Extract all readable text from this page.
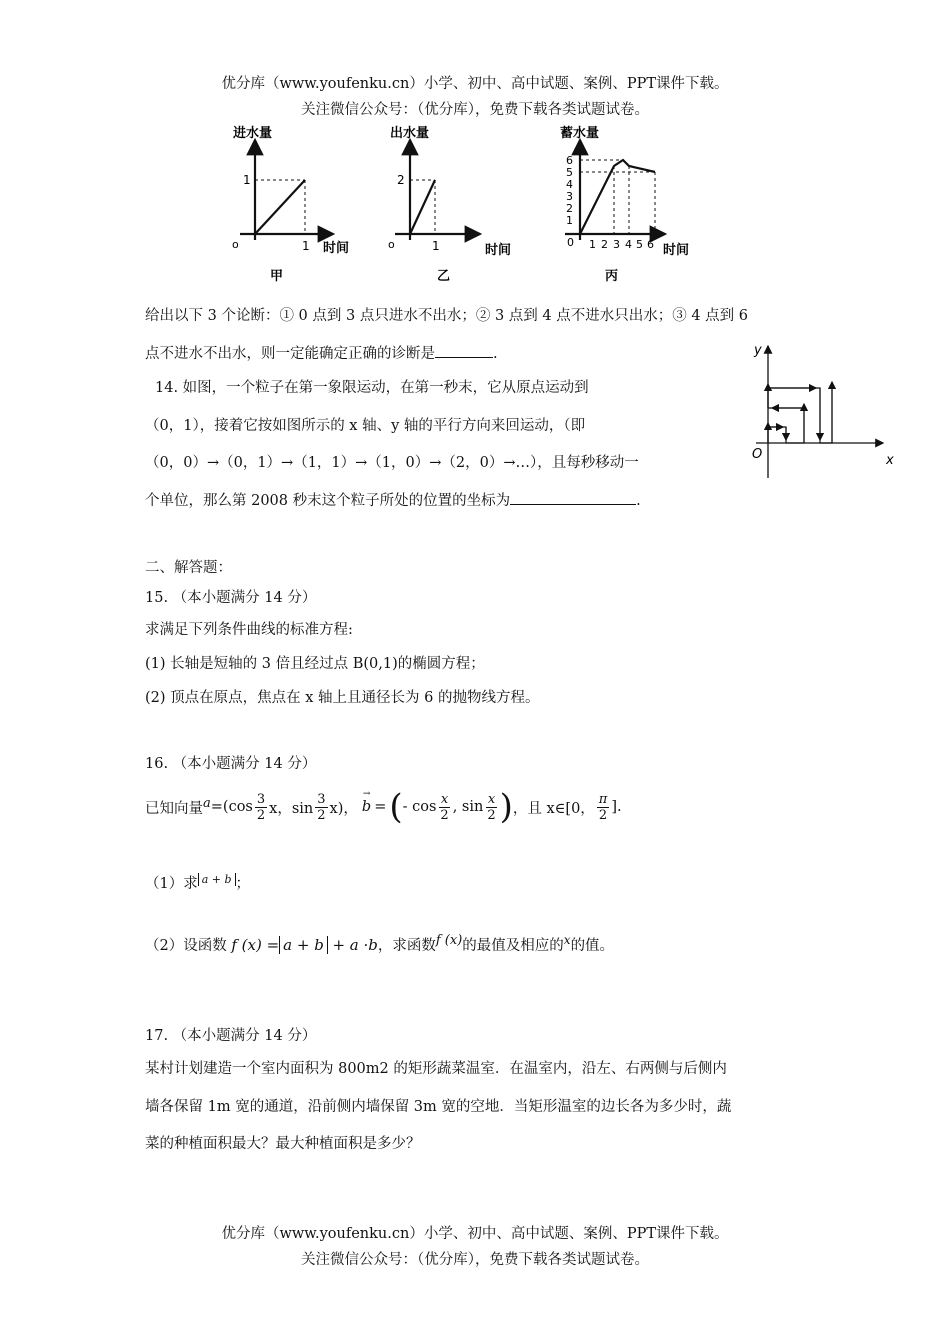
优分库（www.youfenku.cn）小学、初中、高中试题、案例、PPT课件下载。
关注微信公众号：（优分库），免费下载各类试题试卷。
进水量
1
o	1 时间
甲
出水量
2
o	1	时间
乙
蓄水量
6
5
4
3
2
1
0 1 2 3 4 5 6 时间
丙
给出以下 3 个论断：① 0 点到 3 点只进水不出水；② 3 点到 4 点不进水只出水；③ 4 点到 6
点不进水不出水，则一定能确定正确的诊断是	.	y
x
O
14. 如图，一个粒子在第一象限运动，在第一秒末，它从原点运动到
（0，1），接着它按如图所示的 x 轴、y 轴的平行方向来回运动，（即
（0，0）→（0，1）→（1，1）→（1，0）→（2，0）→…），且每秒移动一
个单位，那么第 2008 秒末这个粒子所处的位置的坐标为	.
二、解答题：
15. （本小题满分 14 分）
求满足下列条件曲线的标准方程:
(1) 长轴是短轴的 3 倍且经过点 B(0,1)的椭圆方程；
(2) 顶点在原点，焦点在 x 轴上且通径长为 6 的抛物线方程。
16. （本小题满分 14 分）
已知向量 $a =(\cos \frac{3}{2}$ x，$\sin \frac{3}{2} x$)，
→
b = ( - $\cos \frac{x}{2}$ , $\sin \frac{x}{2}$ ) ，且 x∈[0， $\frac{\pi}{2}$ ].
（1）求 a + b ；
（2）设函数 f (x) = a + b + a ·b，求函数f (x)的最值及相应的$^x$的值。
17. （本小题满分 14 分）
某村计划建造一个室内面积为 800m2 的矩形蔬菜温室．在温室内，沿左、右两侧与后侧内
墙各保留 1m 宽的通道，沿前侧内墙保留 3m 宽的空地．当矩形温室的边长各为多少时，蔬
菜的种植面积最大？最大种植面积是多少？
优分库（www.youfenku.cn）小学、初中、高中试题、案例、PPT课件下载。
关注微信公众号：（优分库），免费下载各类试题试卷。
